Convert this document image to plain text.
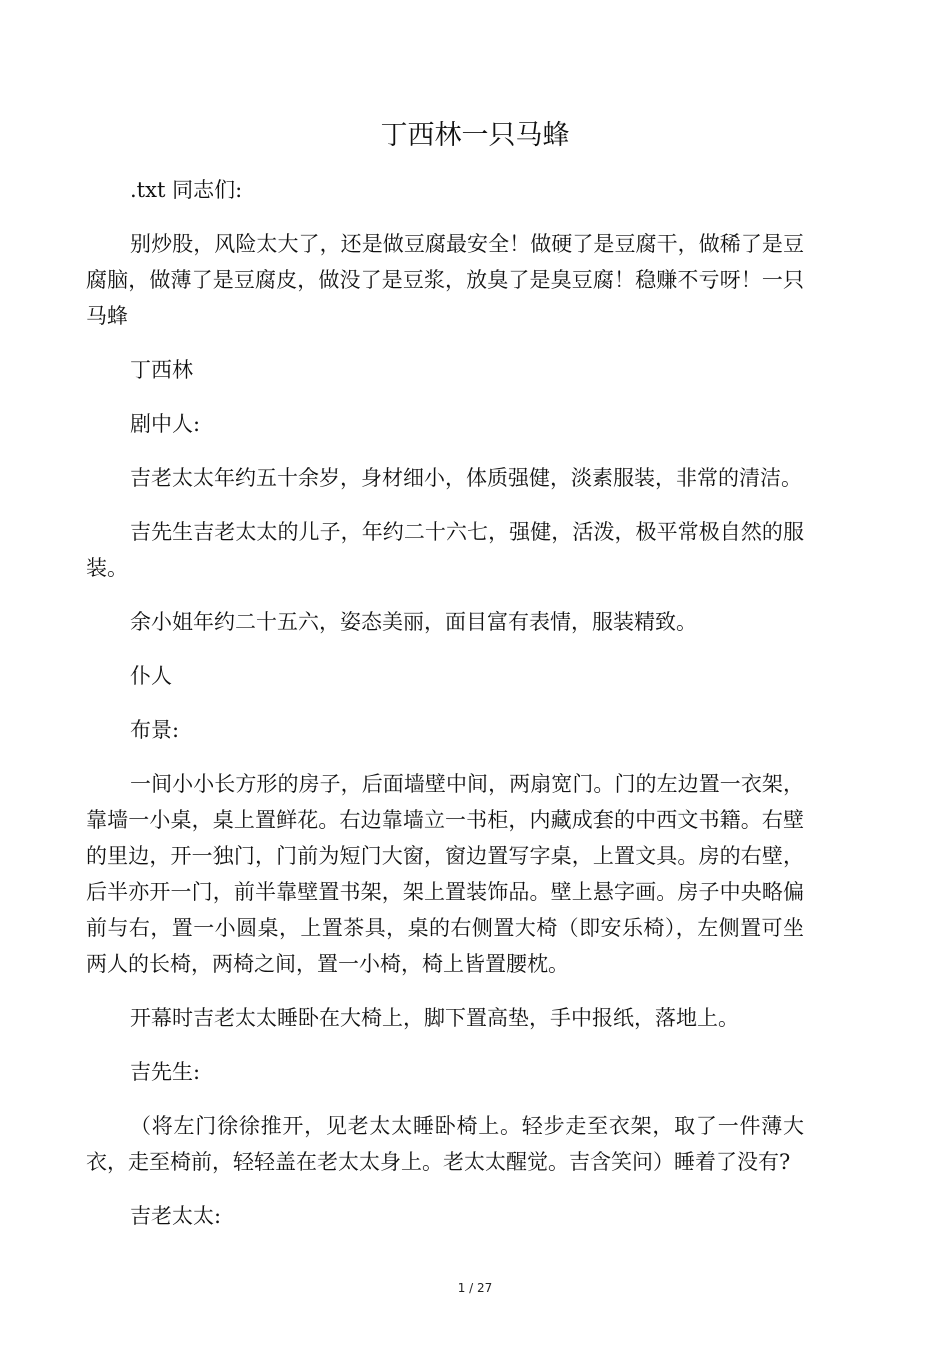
丁西林一只马蜂

.txt 同志们:

别炒股，风险太大了，还是做豆腐最安全！做硬了是豆腐干，做稀了是豆腐脑，做薄了是豆腐皮，做没了是豆浆，放臭了是臭豆腐！稳赚不亏呀！一只马蜂

丁西林

剧中人:

吉老太太年约五十余岁，身材细小，体质强健，淡素服装，非常的清洁。

吉先生吉老太太的儿子，年约二十六七，强健，活泼，极平常极自然的服装。

余小姐年约二十五六，姿态美丽，面目富有表情，服装精致。

仆人

布景:

一间小小长方形的房子，后面墙壁中间，两扇宽门。门的左边置一衣架，靠墙一小桌，桌上置鲜花。右边靠墙立一书柜，内藏成套的中西文书籍。右壁的里边，开一独门，门前为短门大窗，窗边置写字桌，上置文具。房的右壁，后半亦开一门，前半靠壁置书架，架上置装饰品。壁上悬字画。房子中央略偏前与右，置一小圆桌，上置茶具，桌的右侧置大椅（即安乐椅），左侧置可坐两人的长椅，两椅之间，置一小椅，椅上皆置腰枕。

开幕时吉老太太睡卧在大椅上，脚下置高垫，手中报纸，落地上。

吉先生:

（将左门徐徐推开，见老太太睡卧椅上。轻步走至衣架，取了一件薄大衣，走至椅前，轻轻盖在老太太身上。老太太醒觉。吉含笑问）睡着了没有?

吉老太太:

1 / 27
